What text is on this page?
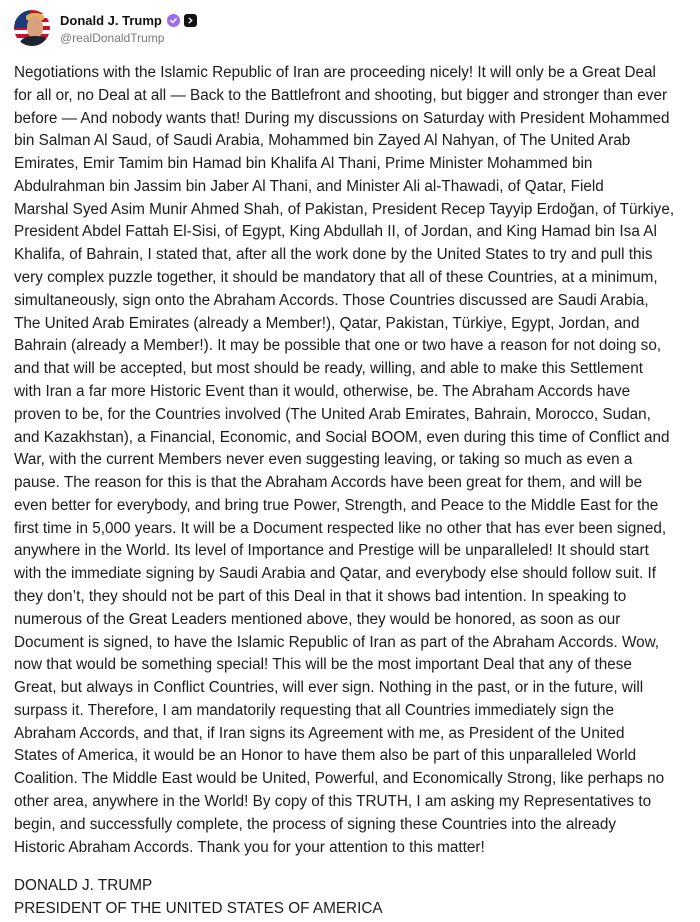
Donald J. Trump
@realDonaldTrump
Negotiations with the Islamic Republic of Iran are proceeding nicely! It will only be a Great Deal
for all or, no Deal at all — Back to the Battlefront and shooting, but bigger and stronger than ever
before — And nobody wants that! During my discussions on Saturday with President Mohammed
bin Salman Al Saud, of Saudi Arabia, Mohammed bin Zayed Al Nahyan, of The United Arab
Emirates, Emir Tamim bin Hamad bin Khalifa Al Thani, Prime Minister Mohammed bin
Abdulrahman bin Jassim bin Jaber Al Thani, and Minister Ali al-Thawadi, of Qatar, Field
Marshal Syed Asim Munir Ahmed Shah, of Pakistan, President Recep Tayyip Erdoğan, of Türkiye,
President Abdel Fattah El-Sisi, of Egypt, King Abdullah II, of Jordan, and King Hamad bin Isa Al
Khalifa, of Bahrain, I stated that, after all the work done by the United States to try and pull this
very complex puzzle together, it should be mandatory that all of these Countries, at a minimum,
simultaneously, sign onto the Abraham Accords. Those Countries discussed are Saudi Arabia,
The United Arab Emirates (already a Member!), Qatar, Pakistan, Türkiye, Egypt, Jordan, and
Bahrain (already a Member!). It may be possible that one or two have a reason for not doing so,
and that will be accepted, but most should be ready, willing, and able to make this Settlement
with Iran a far more Historic Event than it would, otherwise, be. The Abraham Accords have
proven to be, for the Countries involved (The United Arab Emirates, Bahrain, Morocco, Sudan,
and Kazakhstan), a Financial, Economic, and Social BOOM, even during this time of Conflict and
War, with the current Members never even suggesting leaving, or taking so much as even a
pause. The reason for this is that the Abraham Accords have been great for them, and will be
even better for everybody, and bring true Power, Strength, and Peace to the Middle East for the
first time in 5,000 years. It will be a Document respected like no other that has ever been signed,
anywhere in the World. Its level of Importance and Prestige will be unparalleled! It should start
with the immediate signing by Saudi Arabia and Qatar, and everybody else should follow suit. If
they don’t, they should not be part of this Deal in that it shows bad intention. In speaking to
numerous of the Great Leaders mentioned above, they would be honored, as soon as our
Document is signed, to have the Islamic Republic of Iran as part of the Abraham Accords. Wow,
now that would be something special! This will be the most important Deal that any of these
Great, but always in Conflict Countries, will ever sign. Nothing in the past, or in the future, will
surpass it. Therefore, I am mandatorily requesting that all Countries immediately sign the
Abraham Accords, and that, if Iran signs its Agreement with me, as President of the United
States of America, it would be an Honor to have them also be part of this unparalleled World
Coalition. The Middle East would be United, Powerful, and Economically Strong, like perhaps no
other area, anywhere in the World! By copy of this TRUTH, I am asking my Representatives to
begin, and successfully complete, the process of signing these Countries into the already
Historic Abraham Accords. Thank you for your attention to this matter!
DONALD J. TRUMP
PRESIDENT OF THE UNITED STATES OF AMERICA
